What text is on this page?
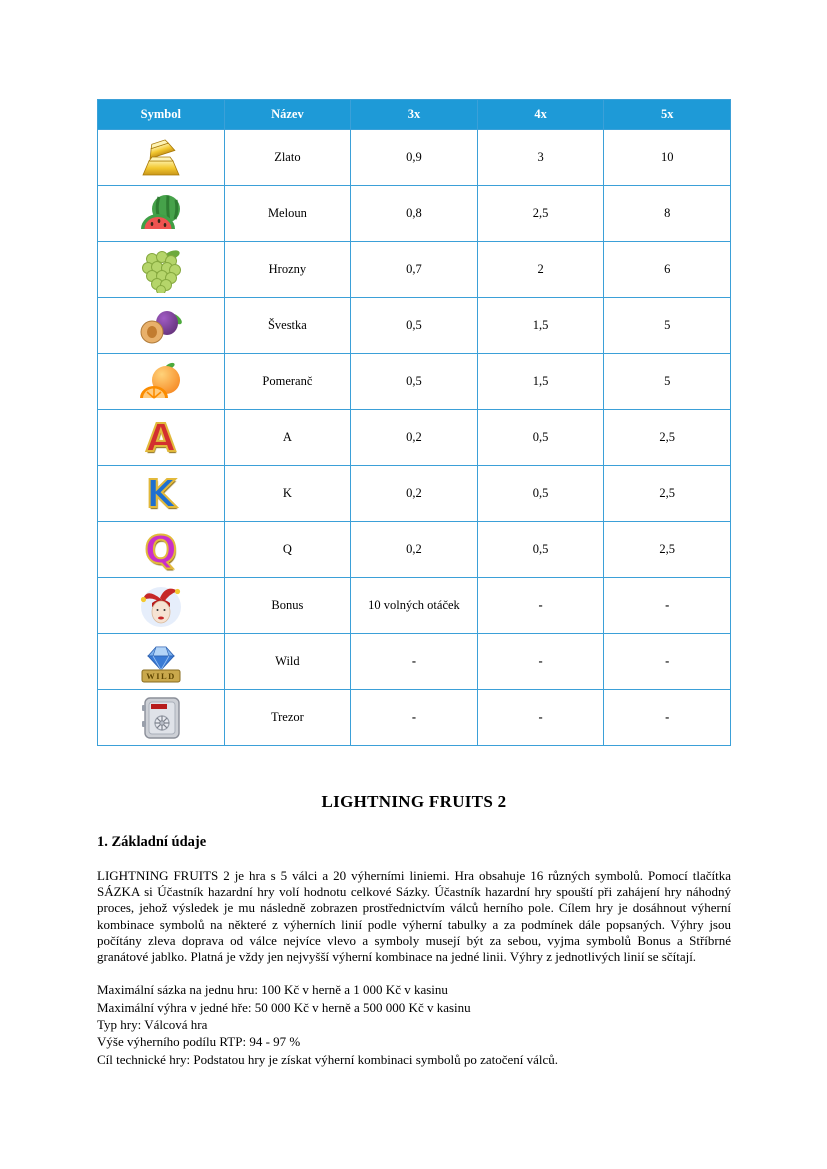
Symbol	Název	3x	4x	5x

	Zlato	0,9	3	10

	Meloun	0,8	2,5	8

	Hrozny	0,7	2	6

	Švestka	0,5	1,5	5

	Pomeranč	0,5	1,5	5

A	A	0,2	0,5	2,5

K	K	0,2	0,5	2,5

Q	Q	0,2	0,5	2,5

	Bonus	10 volných otáček	-	-

WILD	Wild	-	-	-

	Trezor	-	-	-
LIGHTNING FRUITS 2
1. Základní údaje
LIGHTNING FRUITS 2 je hra s 5 válci a 20 výherními liniemi. Hra obsahuje 16 různých symbolů. Pomocí tlačítka SÁZKA si Účastník hazardní hry volí hodnotu celkové Sázky. Účastník hazardní hry spouští při zahájení hry náhodný proces, jehož výsledek je mu následně zobrazen prostřednictvím válců herního pole. Cílem hry je dosáhnout výherní kombinace symbolů na některé z výherních linií podle výherní tabulky a za podmínek dále popsaných. Výhry jsou počítány zleva doprava od válce nejvíce vlevo a symboly musejí být za sebou, vyjma symbolů Bonus a Stříbrné granátové jablko. Platná je vždy jen nejvyšší výherní kombinace na jedné linii. Výhry z jednotlivých linií se sčítají.
Maximální sázka na jednu hru: 100 Kč v herně a 1 000 Kč v kasinu
Maximální výhra v jedné hře: 50 000 Kč v herně a 500 000 Kč v kasinu
Typ hry: Válcová hra
Výše výherního podílu RTP: 94 - 97 %
Cíl technické hry: Podstatou hry je získat výherní kombinaci symbolů po zatočení válců.
